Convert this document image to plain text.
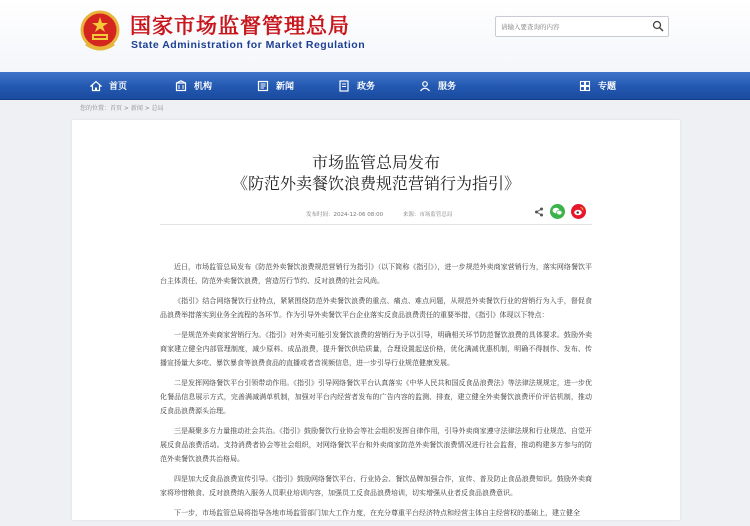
国家市场监督管理总局
State Administration for Market Regulation
请输入要查询的内容
首页	机构	新闻	政务	服务	专题
您的位置：首页 > 新闻 > 总局
市场监管总局发布
《防范外卖餐饮浪费规范营销行为指引》
发布时间：2024-12-06 08:00	来源：市场监管总局

近日，市场监管总局发布《防范外卖餐饮浪费规范营销行为指引》（以下简称《指引》），进一步规范外卖商家营销行为，落实网络餐饮平台主体责任，防范外卖餐饮浪费，营造厉行节约、反对浪费的社会风尚。

《指引》结合网络餐饮行业特点，紧紧围绕防范外卖餐饮浪费的重点、痛点、难点问题，从规范外卖餐饮行业的营销行为入手，督促食品浪费举措落实到业务全流程的各环节。作为引导外卖餐饮平台企业落实反食品浪费责任的重要举措，《指引》体现以下特点：

一是规范外卖商家营销行为。《指引》对外卖可能引发餐饮浪费的营销行为予以引导，明确相关环节防范餐饮浪费的具体要求。鼓励外卖商家建立健全内部管理制度，减少原料、成品浪费，提升餐饮供给质量，合理设置起送价格，优化满减优惠机制，明确不得制作、发布、传播宣扬量大多吃、暴饮暴食等浪费食品的直播或者音视频信息，进一步引导行业规范健康发展。

二是发挥网络餐饮平台引领带动作用。《指引》引导网络餐饮平台认真落实《中华人民共和国反食品浪费法》等法律法规规定，进一步优化餐品信息展示方式，完善满减满单机制，加强对平台内经营者发布的广告内容的监测、排查，建立健全外卖餐饮浪费评价评估机制，推动反食品浪费源头治理。

三是凝聚多方力量推动社会共治。《指引》鼓励餐饮行业协会等社会组织发挥自律作用，引导外卖商家遵守法律法规和行业规范、自觉开展反食品浪费活动。支持消费者协会等社会组织，对网络餐饮平台和外卖商家防范外卖餐饮浪费情况进行社会监督，推动构建多方参与的防范外卖餐饮浪费共治格局。

四是加大反食品浪费宣传引导。《指引》鼓励网络餐饮平台、行业协会、餐饮品牌加强合作，宣传、普及防止食品浪费知识。鼓励外卖商家将珍惜粮食、反对浪费纳入服务人员职业培训内容，加强员工反食品浪费培训，切实增强从业者反食品浪费意识。

下一步，市场监管总局将指导各地市场监管部门加大工作力度，在充分尊重平台经济特点和经营主体自主经营权的基础上，建立健全
